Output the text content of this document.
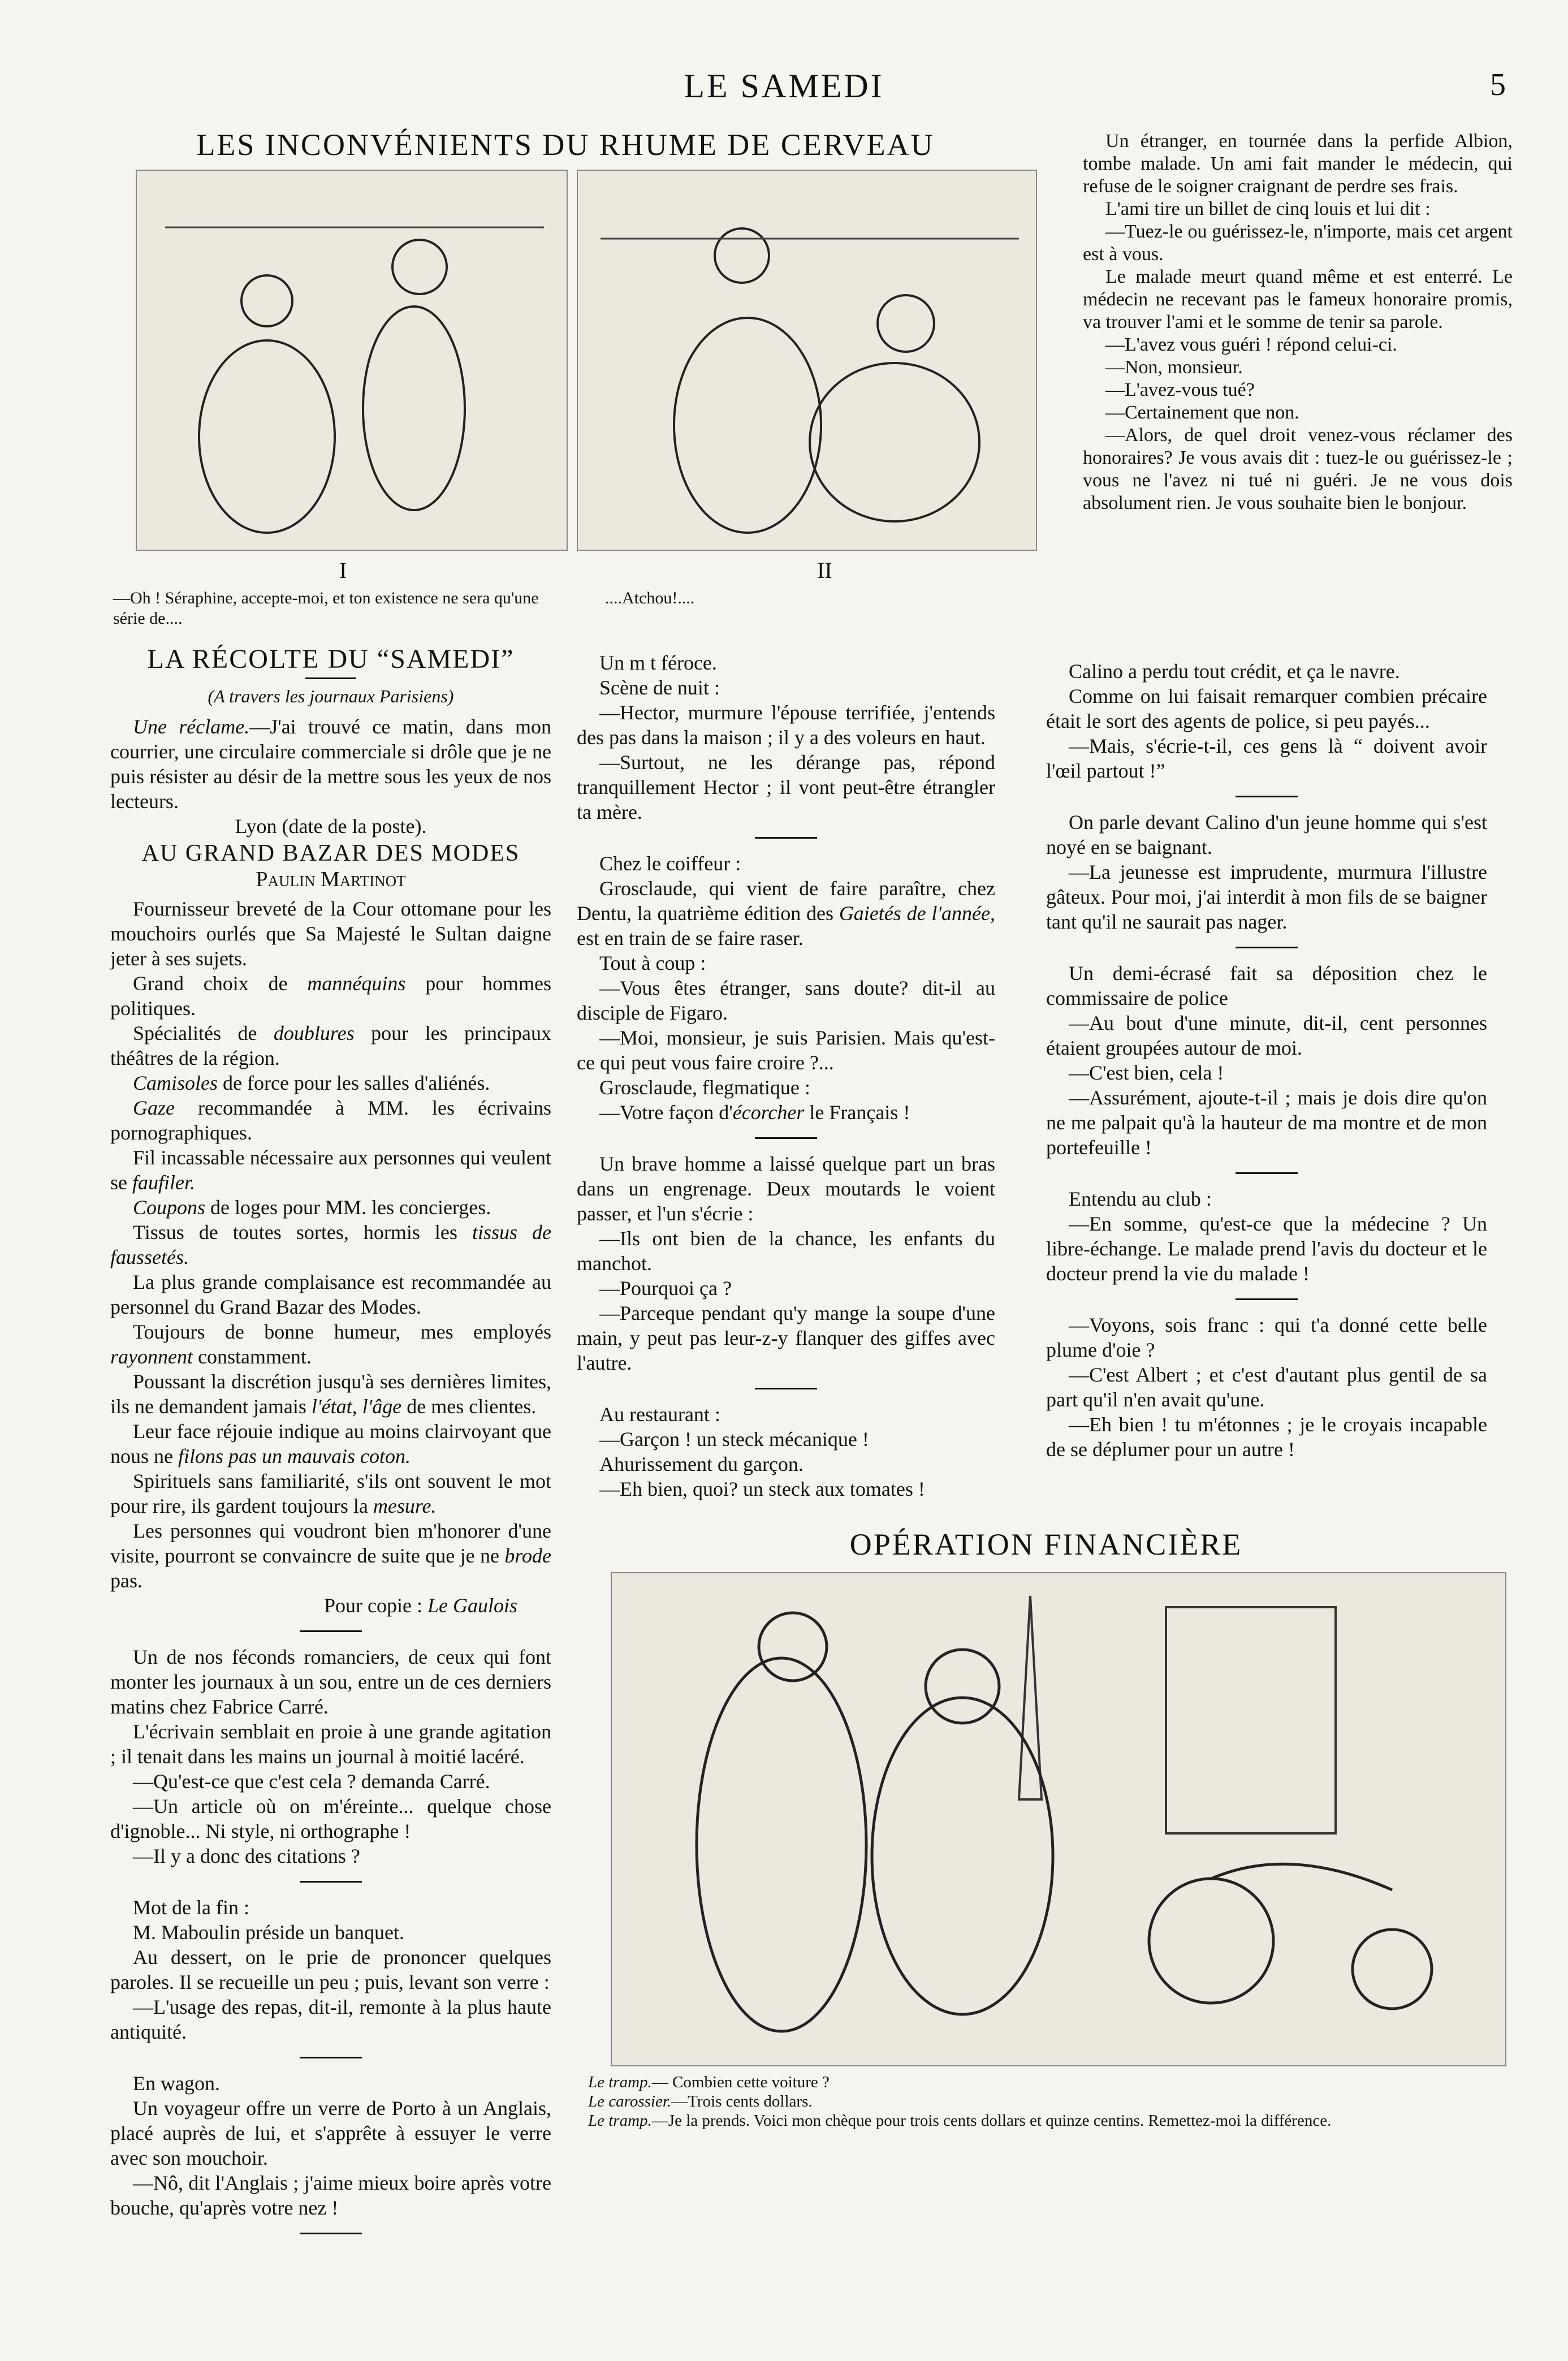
LE SAMEDI	5
LES INCONVÉNIENTS DU RHUME DE CERVEAU
I
—Oh ! Séraphine, accepte-moi, et ton existence ne sera qu'une série de....
II
....Atchou!....

Un étranger, en tournée dans la perfide Albion, tombe malade. Un ami fait mander le médecin, qui refuse de le soigner craignant de perdre ses frais.

L'ami tire un billet de cinq louis et lui dit :

—Tuez-le ou guérissez-le, n'importe, mais cet argent est à vous.

Le malade meurt quand même et est enterré. Le médecin ne recevant pas le fameux honoraire promis, va trouver l'ami et le somme de tenir sa parole.

—L'avez vous guéri ! répond celui-ci.

—Non, monsieur.

—L'avez-vous tué?

—Certainement que non.

—Alors, de quel droit venez-vous réclamer des honoraires? Je vous avais dit : tuez-le ou guérissez-le ; vous ne l'avez ni tué ni guéri. Je ne vous dois absolument rien. Je vous souhaite bien le bonjour.

LA RÉCOLTE DU “SAMEDI”
(A travers les journaux Parisiens)

Une réclame.—J'ai trouvé ce matin, dans mon courrier, une circulaire commerciale si drôle que je ne puis résister au désir de la mettre sous les yeux de nos lecteurs.

Lyon (date de la poste).

AU GRAND BAZAR DES MODES
Paulin Martinot

Fournisseur breveté de la Cour ottomane pour les mouchoirs ourlés que Sa Majesté le Sultan daigne jeter à ses sujets.

Grand choix de mannéquins pour hommes politiques.

Spécialités de doublures pour les principaux théâtres de la région.

Camisoles de force pour les salles d'aliénés.

Gaze recommandée à MM. les écrivains pornographiques.

Fil incassable nécessaire aux personnes qui veulent se faufiler.

Coupons de loges pour MM. les concierges.

Tissus de toutes sortes, hormis les tissus de faussetés.

La plus grande complaisance est recommandée au personnel du Grand Bazar des Modes.

Toujours de bonne humeur, mes employés rayonnent constamment.

Poussant la discrétion jusqu'à ses dernières limites, ils ne demandent jamais l'état, l'âge de mes clientes.

Leur face réjouie indique au moins clairvoyant que nous ne filons pas un mauvais coton.

Spirituels sans familiarité, s'ils ont souvent le mot pour rire, ils gardent toujours la mesure.

Les personnes qui voudront bien m'honorer d'une visite, pourront se convaincre de suite que je ne brode pas.

Pour copie : Le Gaulois

Un de nos féconds romanciers, de ceux qui font monter les journaux à un sou, entre un de ces derniers matins chez Fabrice Carré.

L'écrivain semblait en proie à une grande agitation ; il tenait dans les mains un journal à moitié lacéré.

—Qu'est-ce que c'est cela ? demanda Carré.

—Un article où on m'éreinte... quelque chose d'ignoble... Ni style, ni orthographe !

—Il y a donc des citations ?

Mot de la fin :

M. Maboulin préside un banquet.

Au dessert, on le prie de prononcer quelques paroles. Il se recueille un peu ; puis, levant son verre :

—L'usage des repas, dit-il, remonte à la plus haute antiquité.

En wagon.

Un voyageur offre un verre de Porto à un Anglais, placé auprès de lui, et s'apprête à essuyer le verre avec son mouchoir.

—Nô, dit l'Anglais ; j'aime mieux boire après votre bouche, qu'après votre nez !

Un m t féroce.

Scène de nuit :

—Hector, murmure l'épouse terrifiée, j'entends des pas dans la maison ; il y a des voleurs en haut.

—Surtout, ne les dérange pas, répond tranquillement Hector ; il vont peut-être étrangler ta mère.

Chez le coiffeur :

Grosclaude, qui vient de faire paraître, chez Dentu, la quatrième édition des Gaietés de l'année, est en train de se faire raser.

Tout à coup :

—Vous êtes étranger, sans doute? dit-il au disciple de Figaro.

—Moi, monsieur, je suis Parisien. Mais qu'est-ce qui peut vous faire croire ?...

Grosclaude, flegmatique :

—Votre façon d'écorcher le Français !

Un brave homme a laissé quelque part un bras dans un engrenage. Deux moutards le voient passer, et l'un s'écrie :

—Ils ont bien de la chance, les enfants du manchot.

—Pourquoi ça ?

—Parceque pendant qu'y mange la soupe d'une main, y peut pas leur-z-y flanquer des giffes avec l'autre.

Au restaurant :

—Garçon ! un steck mécanique !

Ahurissement du garçon.

—Eh bien, quoi? un steck aux tomates !

Calino a perdu tout crédit, et ça le navre.

Comme on lui faisait remarquer combien précaire était le sort des agents de police, si peu payés...

—Mais, s'écrie-t-il, ces gens là “ doivent avoir l'œil partout !”

On parle devant Calino d'un jeune homme qui s'est noyé en se baignant.

—La jeunesse est imprudente, murmura l'illustre gâteux. Pour moi, j'ai interdit à mon fils de se baigner tant qu'il ne saurait pas nager.

Un demi-écrasé fait sa déposition chez le commissaire de police

—Au bout d'une minute, dit-il, cent personnes étaient groupées autour de moi.

—C'est bien, cela !

—Assurément, ajoute-t-il ; mais je dois dire qu'on ne me palpait qu'à la hauteur de ma montre et de mon portefeuille !

Entendu au club :

—En somme, qu'est-ce que la médecine ? Un libre-échange. Le malade prend l'avis du docteur et le docteur prend la vie du malade !

—Voyons, sois franc : qui t'a donné cette belle plume d'oie ?

—C'est Albert ; et c'est d'autant plus gentil de sa part qu'il n'en avait qu'une.

—Eh bien ! tu m'étonnes ; je le croyais incapable de se déplumer pour un autre !

OPÉRATION FINANCIÈRE
Le tramp.— Combien cette voiture ?
Le carossier.—Trois cents dollars.
Le tramp.—Je la prends. Voici mon chèque pour trois cents dollars et quinze centins. Remettez-moi la différence.
